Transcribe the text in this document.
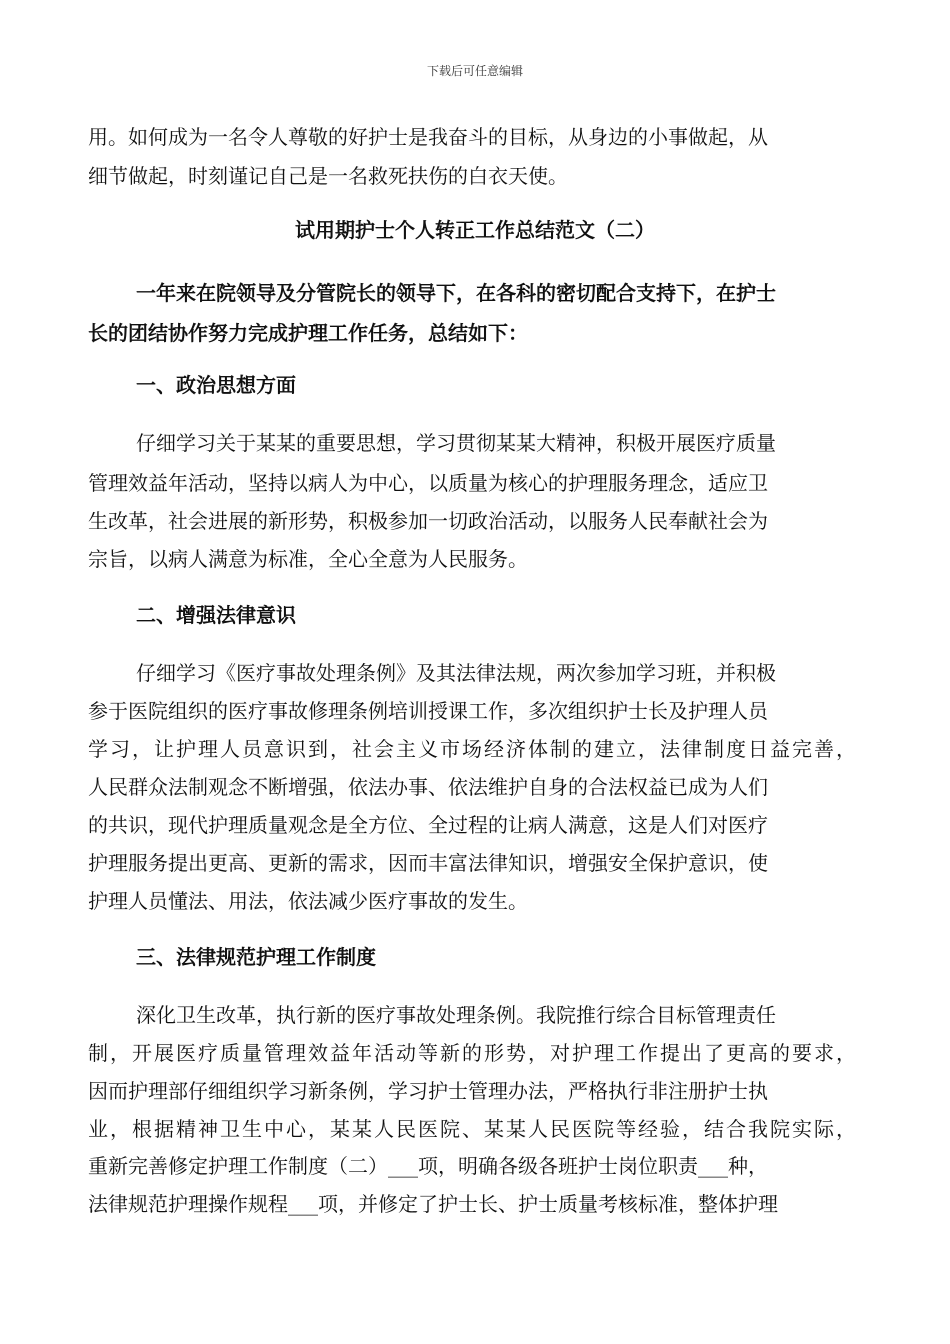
下载后可任意编辑
用。如何成为一名令人尊敬的好护士是我奋斗的目标，从身边的小事做起，从
细节做起，时刻谨记自己是一名救死扶伤的白衣天使。
试用期护士个人转正工作总结范文（二）
一年来在院领导及分管院长的领导下，在各科的密切配合支持下，在护士
长的团结协作努力完成护理工作任务，总结如下：
一、政治思想方面
仔细学习关于某某的重要思想，学习贯彻某某大精神，积极开展医疗质量
管理效益年活动，坚持以病人为中心，以质量为核心的护理服务理念，适应卫
生改革，社会进展的新形势，积极参加一切政治活动，以服务人民奉献社会为
宗旨，以病人满意为标准，全心全意为人民服务。
二、增强法律意识
仔细学习《医疗事故处理条例》及其法律法规，两次参加学习班，并积极
参于医院组织的医疗事故修理条例培训授课工作，多次组织护士长及护理人员
学习，让护理人员意识到，社会主义市场经济体制的建立，法律制度日益完善，
人民群众法制观念不断增强，依法办事、依法维护自身的合法权益已成为人们
的共识，现代护理质量观念是全方位、全过程的让病人满意，这是人们对医疗
护理服务提出更高、更新的需求，因而丰富法律知识，增强安全保护意识，使
护理人员懂法、用法，依法减少医疗事故的发生。
三、法律规范护理工作制度
深化卫生改革，执行新的医疗事故处理条例。我院推行综合目标管理责任
制，开展医疗质量管理效益年活动等新的形势，对护理工作提出了更高的要求，
因而护理部仔细组织学习新条例，学习护士管理办法，严格执行非注册护士执
业，根据精神卫生中心，某某人民医院、某某人民医院等经验，结合我院实际，
重新完善修定护理工作制度（二）___项，明确各级各班护士岗位职责___种，
法律规范护理操作规程___项，并修定了护士长、护士质量考核标准，整体护理
